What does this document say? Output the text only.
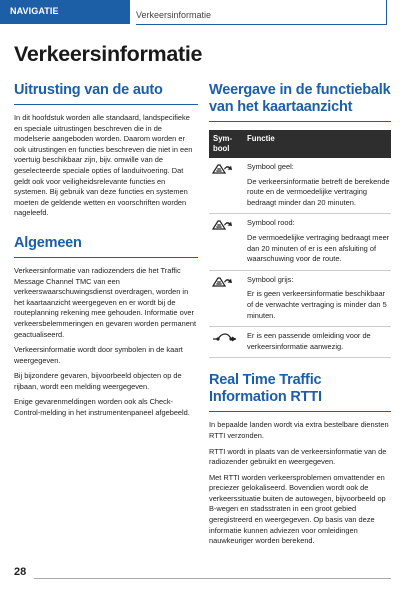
NAVIGATIE	Verkeersinformatie
Verkeersinformatie
Uitrusting van de auto

In dit hoofdstuk worden alle standaard, landspecifieke en speciale uitrustingen beschreven die in de modelserie aangeboden worden. Daarom worden er ook uitrustingen en functies beschreven die niet in een voertuig beschikbaar zijn, bijv. omwille van de geselecteerde speciale opties of landuitvoering. Dat geldt ook voor veiligheidsrelevante functies en systemen. Bij gebruik van deze functies en systemen moeten de geldende wetten en voorschriften worden nageleefd.

Algemeen

Verkeersinformatie van radiozenders die het Traffic Message Channel TMC van een verkeerswaarschuwingsdienst overdragen, worden in het kaartaanzicht weergegeven en er wordt bij de routeplanning rekening mee gehouden. Informatie over verkeersbelemmeringen en gevaren worden permanent geactualiseerd.

Verkeersinformatie wordt door symbolen in de kaart weergegeven.

Bij bijzondere gevaren, bijvoorbeeld objecten op de rijbaan, wordt een melding weergegeven.

Enige gevarenmeldingen worden ook als Check-Control-melding in het instrumentenpaneel afgebeeld.

Weergave in de functiebalk van het kaartaanzicht
Sym-
bool
Functie
Symbool geel:
De verkeersinformatie betreft de berekende route en de vermoedelijke vertraging bedraagt minder dan 20 minuten.
Symbool rood:
De vermoedelijke vertraging bedraagt meer dan 20 minuten of er is een afsluiting of waarschuwing voor de route.
Symbool grijs:
Er is geen verkeersinformatie beschikbaar of de verwachte vertraging is minder dan 5 minuten.
Er is een passende omleiding voor de verkeersinformatie aanwezig.
Real Time Traffic Information RTTI

In bepaalde landen wordt via extra bestelbare diensten RTTI verzonden.

RTTI wordt in plaats van de verkeersinformatie van de radiozender gebruikt en weergegeven.

Met RTTI worden verkeersproblemen omvattender en preciezer gelokaliseerd. Bovendien wordt ook de verkeerssituatie buiten de autowegen, bijvoorbeeld op B-wegen en stadsstraten in een groot gebied geregistreerd en weergegeven. Op basis van deze informatie kunnen adviezen voor omleidingen nauwkeuriger worden berekend.

28
